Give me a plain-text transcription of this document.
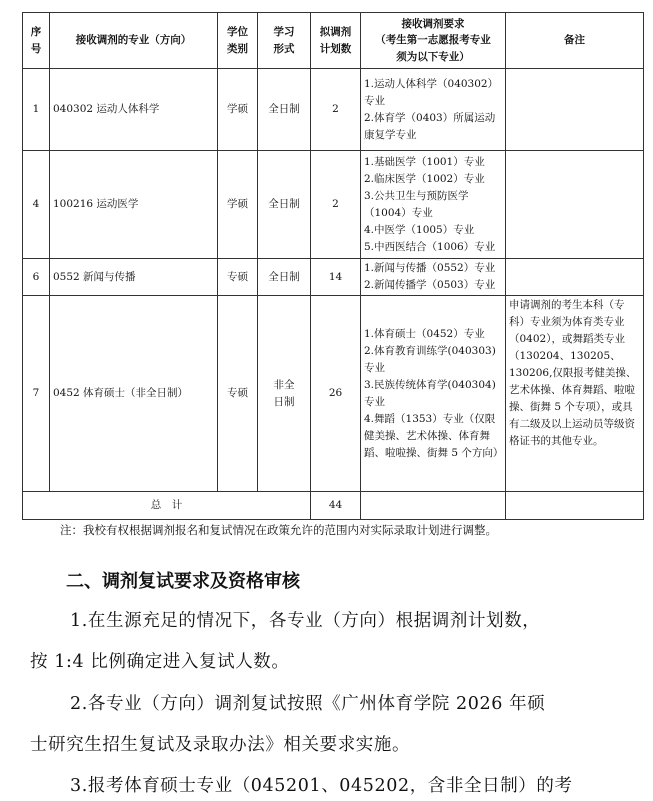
序号	接收调剂的专业（方向）	学位类别	学习形式	拟调剂计划数	接收调剂要求
（考生第一志愿报考专业
须为以下专业）	备注
1	040302 运动人体科学	学硕	全日制	2	1.运动人体科学（040302）专业
2.体育学（0403）所属运动康复学专业	

4	100216 运动医学	学硕	全日制	2	1.基础医学（1001）专业
2.临床医学（1002）专业
3.公共卫生与预防医学（1004）专业
4.中医学（1005）专业
5.中西医结合（1006）专业	

6	0552 新闻与传播	专硕	全日制	14	1.新闻与传播（0552）专业
2.新闻传播学（0503）专业	

7	0452 体育硕士（非全日制）	专硕	非全日制	26	1.体育硕士（0452）专业
2.体育教育训练学(040303)专业
3.民族传统体育学(040304)专业
4.舞蹈（1353）专业（仅限健美操、艺术体操、体育舞蹈、啦啦操、街舞 5 个方向）	申请调剂的考生本科（专科）专业须为体育类专业（0402），或舞蹈类专业（130204、130205、130206,仅限报考健美操、艺术体操、体育舞蹈、啦啦操、街舞 5 个专项），或具有二级及以上运动员等级资格证书的其他专业。
总　计				44		

注：我校有权根据调剂报名和复试情况在政策允许的范围内对实际录取计划进行调整。

二、调剂复试要求及资格审核

1.在生源充足的情况下，各专业（方向）根据调剂计划数，

按 1:4 比例确定进入复试人数。

2.各专业（方向）调剂复试按照《广州体育学院 2026 年硕

士研究生招生复试及录取办法》相关要求实施。

3.报考体育硕士专业（045201、045202，含非全日制）的考
